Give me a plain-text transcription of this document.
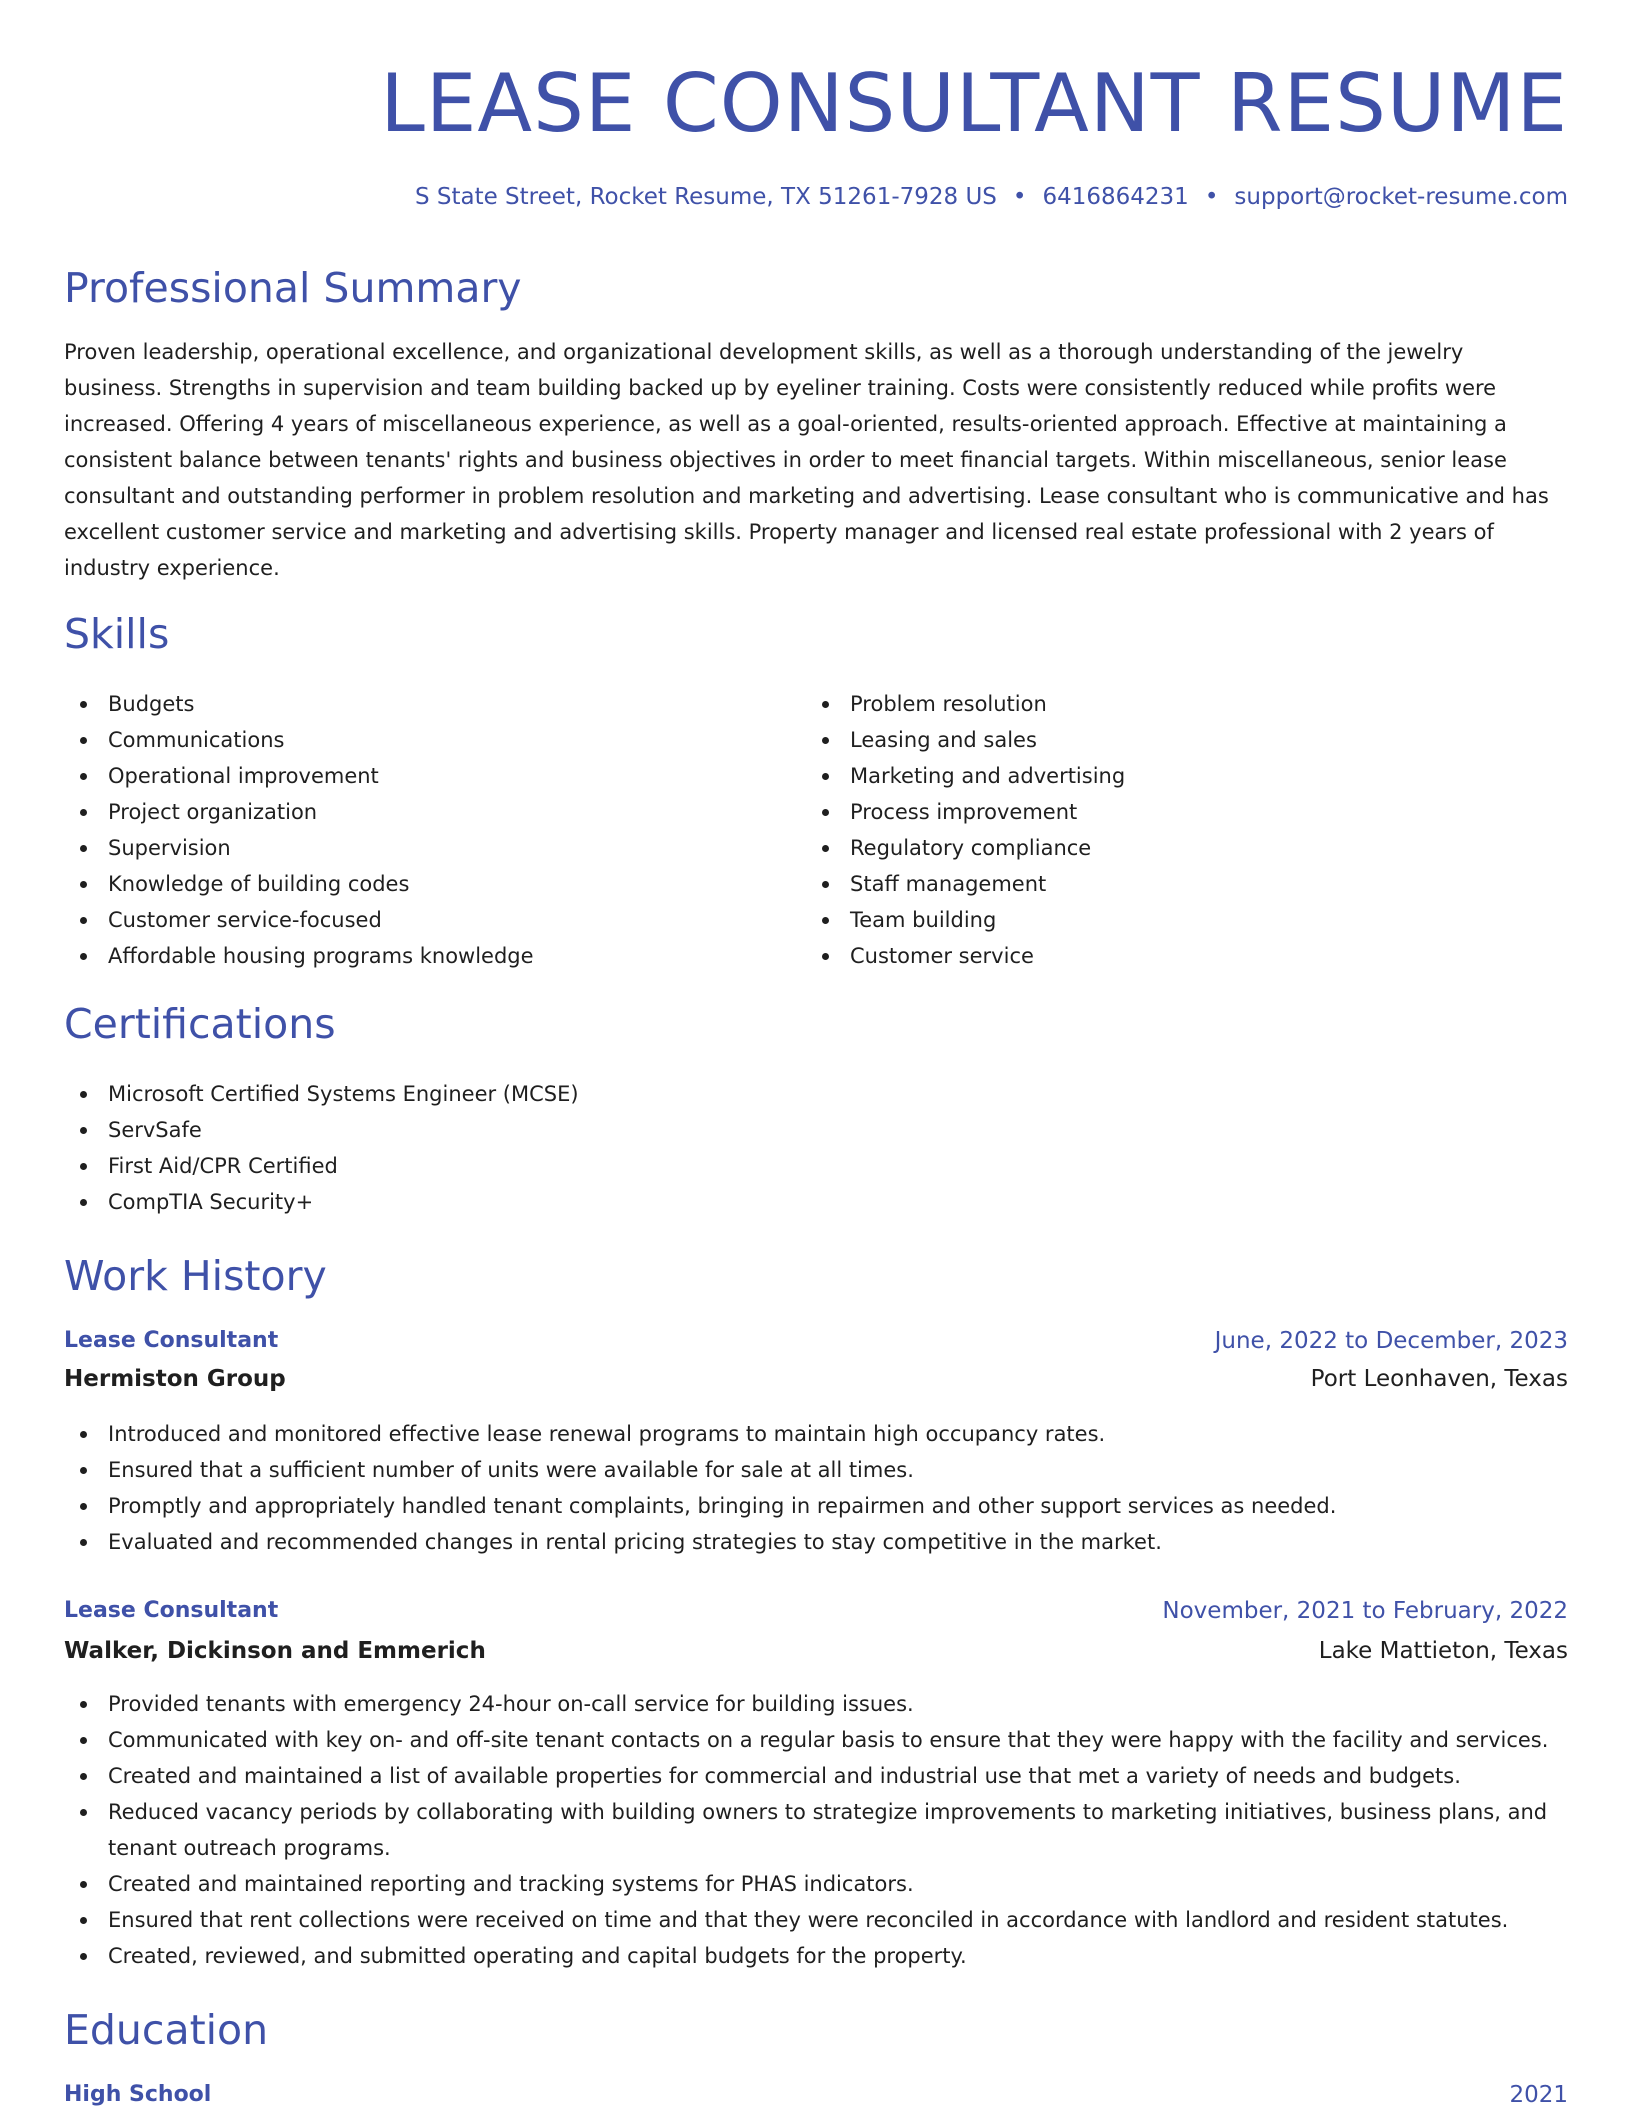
LEASE CONSULTANT RESUME
S State Street, Rocket Resume, TX 51261-7928 US • 6416864231 • support@rocket-resume.com
Professional Summary

Proven leadership, operational excellence, and organizational development skills, as well as a thorough understanding of the jewelry business. Strengths in supervision and team building backed up by eyeliner training. Costs were consistently reduced while profits were increased. Offering 4 years of miscellaneous experience, as well as a goal-oriented, results-oriented approach. Effective at maintaining a consistent balance between tenants' rights and business objectives in order to meet financial targets. Within miscellaneous, senior lease consultant and outstanding performer in problem resolution and marketing and advertising. Lease consultant who is communicative and has excellent customer service and marketing and advertising skills. Property manager and licensed real estate professional with 2 years of industry experience.

Skills
Budgets
Communications
Operational improvement
Project organization
Supervision
Knowledge of building codes
Customer service-focused
Affordable housing programs knowledge
Problem resolution
Leasing and sales
Marketing and advertising
Process improvement
Regulatory compliance
Staff management
Team building
Customer service
Certifications
Microsoft Certified Systems Engineer (MCSE)
ServSafe
First Aid/CPR Certified
CompTIA Security+
Work History
Lease Consultant	June, 2022 to December, 2023
Hermiston Group	Port Leonhaven, Texas
Introduced and monitored effective lease renewal programs to maintain high occupancy rates.
Ensured that a sufficient number of units were available for sale at all times.
Promptly and appropriately handled tenant complaints, bringing in repairmen and other support services as needed.
Evaluated and recommended changes in rental pricing strategies to stay competitive in the market.
Lease Consultant	November, 2021 to February, 2022
Walker, Dickinson and Emmerich	Lake Mattieton, Texas
Provided tenants with emergency 24-hour on-call service for building issues.
Communicated with key on- and off-site tenant contacts on a regular basis to ensure that they were happy with the facility and services.
Created and maintained a list of available properties for commercial and industrial use that met a variety of needs and budgets.
Reduced vacancy periods by collaborating with building owners to strategize improvements to marketing initiatives, business plans, and tenant outreach programs.
Created and maintained reporting and tracking systems for PHAS indicators.
Ensured that rent collections were received on time and that they were reconciled in accordance with landlord and resident statutes.
Created, reviewed, and submitted operating and capital budgets for the property.
Education
High School	2021
